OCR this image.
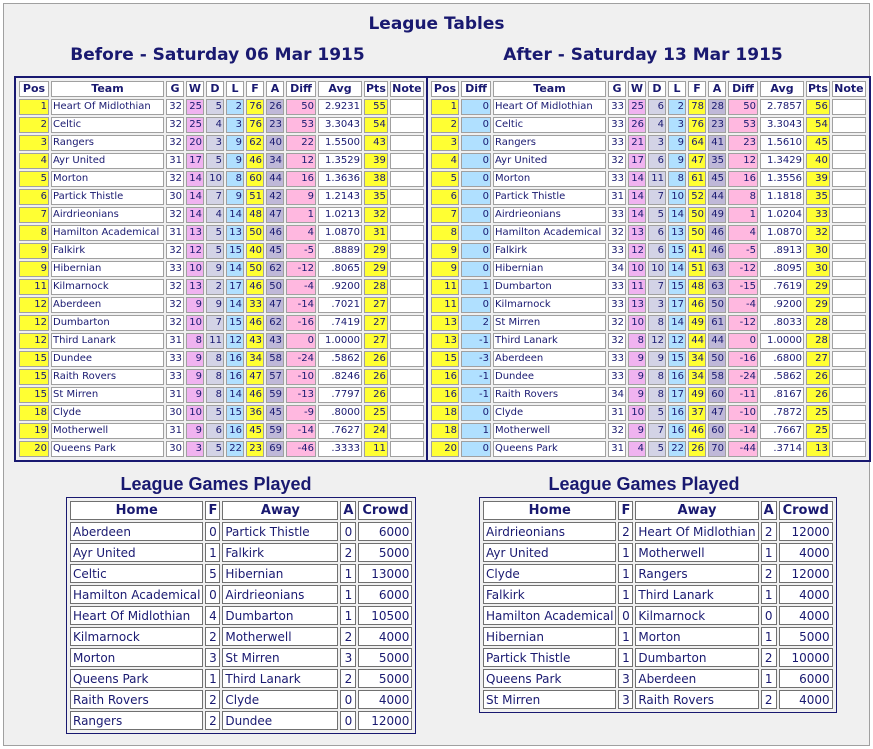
League Tables
Before - Saturday 06 Mar 1915	After - Saturday 13 Mar 1915
Pos	Team	G	W	D	L	F	A	Diff	Avg	Pts	Note
1	Heart Of Midlothian	32	25	5	2	76	26	50	2.9231	55	
2	Celtic	32	25	4	3	76	23	53	3.3043	54	
3	Rangers	32	20	3	9	62	40	22	1.5500	43	
4	Ayr United	31	17	5	9	46	34	12	1.3529	39	
5	Morton	32	14	10	8	60	44	16	1.3636	38	
6	Partick Thistle	30	14	7	9	51	42	9	1.2143	35	
7	Airdrieonians	32	14	4	14	48	47	1	1.0213	32	
8	Hamilton Academical	31	13	5	13	50	46	4	1.0870	31	
9	Falkirk	32	12	5	15	40	45	-5	.8889	29	
9	Hibernian	33	10	9	14	50	62	-12	.8065	29	
11	Kilmarnock	32	13	2	17	46	50	-4	.9200	28	
12	Aberdeen	32	9	9	14	33	47	-14	.7021	27	
12	Dumbarton	32	10	7	15	46	62	-16	.7419	27	
12	Third Lanark	31	8	11	12	43	43	0	1.0000	27	
15	Dundee	33	9	8	16	34	58	-24	.5862	26	
15	Raith Rovers	33	9	8	16	47	57	-10	.8246	26	
15	St Mirren	31	9	8	14	46	59	-13	.7797	26	
18	Clyde	30	10	5	15	36	45	-9	.8000	25	
19	Motherwell	31	9	6	16	45	59	-14	.7627	24	
20	Queens Park	30	3	5	22	23	69	-46	.3333	11	
Pos	Diff	Team	G	W	D	L	F	A	Diff	Avg	Pts	Note
1	0	Heart Of Midlothian	33	25	6	2	78	28	50	2.7857	56	
2	0	Celtic	33	26	4	3	76	23	53	3.3043	54	
3	0	Rangers	33	21	3	9	64	41	23	1.5610	45	
4	0	Ayr United	32	17	6	9	47	35	12	1.3429	40	
5	0	Morton	33	14	11	8	61	45	16	1.3556	39	
6	0	Partick Thistle	31	14	7	10	52	44	8	1.1818	35	
7	0	Airdrieonians	33	14	5	14	50	49	1	1.0204	33	
8	0	Hamilton Academical	32	13	6	13	50	46	4	1.0870	32	
9	0	Falkirk	33	12	6	15	41	46	-5	.8913	30	
9	0	Hibernian	34	10	10	14	51	63	-12	.8095	30	
11	1	Dumbarton	33	11	7	15	48	63	-15	.7619	29	
11	0	Kilmarnock	33	13	3	17	46	50	-4	.9200	29	
13	2	St Mirren	32	10	8	14	49	61	-12	.8033	28	
13	-1	Third Lanark	32	8	12	12	44	44	0	1.0000	28	
15	-3	Aberdeen	33	9	9	15	34	50	-16	.6800	27	
16	-1	Dundee	33	9	8	16	34	58	-24	.5862	26	
16	-1	Raith Rovers	34	9	8	17	49	60	-11	.8167	26	
18	0	Clyde	31	10	5	16	37	47	-10	.7872	25	
18	1	Motherwell	32	9	7	16	46	60	-14	.7667	25	
20	0	Queens Park	31	4	5	22	26	70	-44	.3714	13	
League Games Played	League Games Played
Home	F	Away	A	Crowd
Aberdeen	0	Partick Thistle	0	6000
Ayr United	1	Falkirk	2	5000
Celtic	5	Hibernian	1	13000
Hamilton Academical	0	Airdrieonians	1	6000
Heart Of Midlothian	4	Dumbarton	1	10500
Kilmarnock	2	Motherwell	2	4000
Morton	3	St Mirren	3	5000
Queens Park	1	Third Lanark	2	5000
Raith Rovers	2	Clyde	0	4000
Rangers	2	Dundee	0	12000
Home	F	Away	A	Crowd
Airdrieonians	2	Heart Of Midlothian	2	12000
Ayr United	1	Motherwell	1	4000
Clyde	1	Rangers	2	12000
Falkirk	1	Third Lanark	1	4000
Hamilton Academical	0	Kilmarnock	0	4000
Hibernian	1	Morton	1	5000
Partick Thistle	1	Dumbarton	2	10000
Queens Park	3	Aberdeen	1	6000
St Mirren	3	Raith Rovers	2	4000
